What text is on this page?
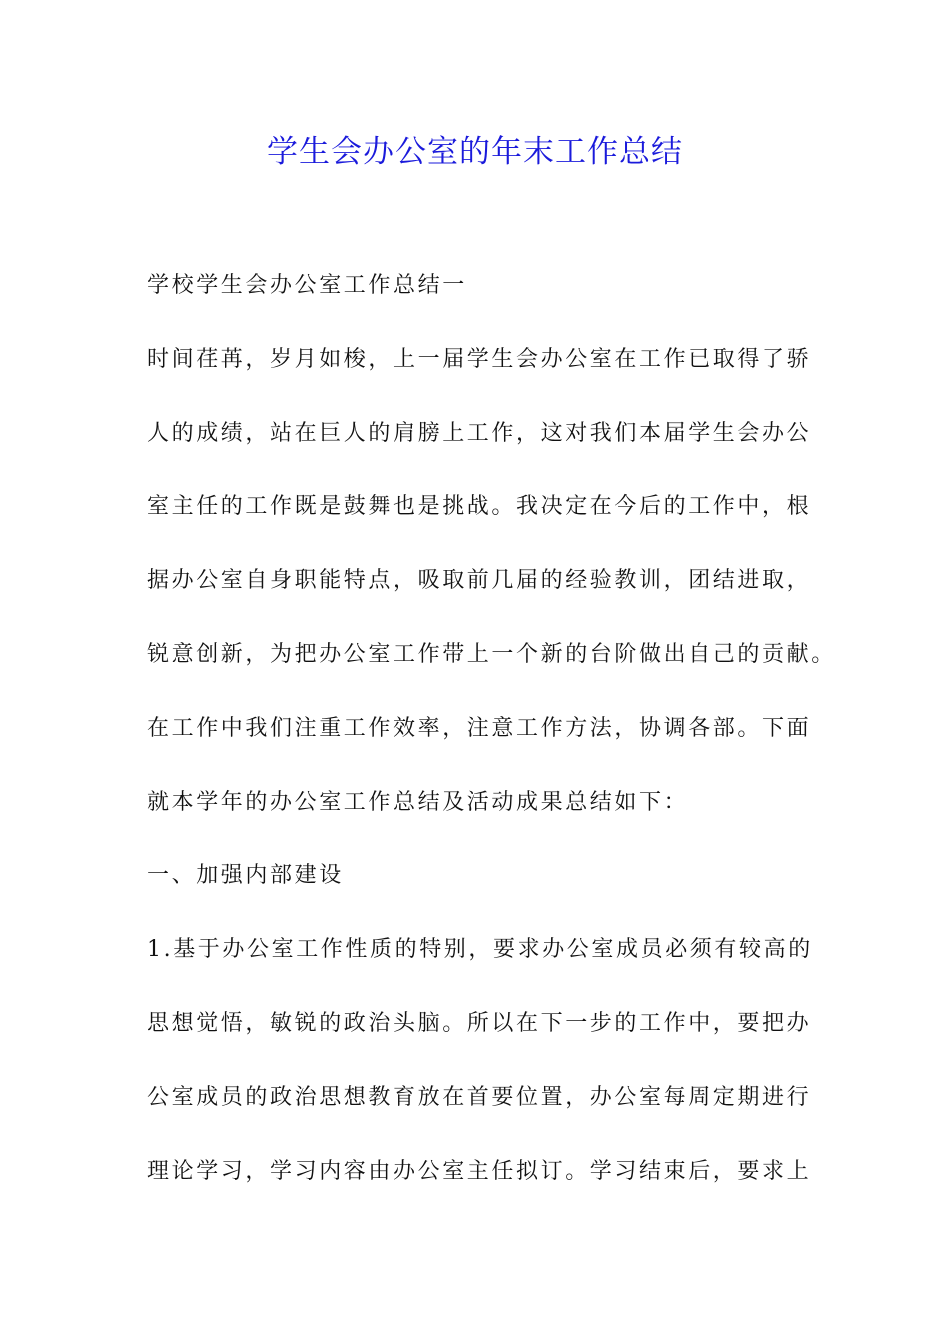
学生会办公室的年末工作总结
学校学生会办公室工作总结一
时间荏苒，岁月如梭，上一届学生会办公室在工作已取得了骄
人的成绩，站在巨人的肩膀上工作，这对我们本届学生会办公
室主任的工作既是鼓舞也是挑战。我决定在今后的工作中，根
据办公室自身职能特点，吸取前几届的经验教训，团结进取，
锐意创新，为把办公室工作带上一个新的台阶做出自己的贡献。
在工作中我们注重工作效率，注意工作方法，协调各部。下面
就本学年的办公室工作总结及活动成果总结如下：
一、加强内部建设
1.基于办公室工作性质的特别，要求办公室成员必须有较高的
思想觉悟，敏锐的政治头脑。所以在下一步的工作中，要把办
公室成员的政治思想教育放在首要位置，办公室每周定期进行
理论学习，学习内容由办公室主任拟订。学习结束后，要求上
